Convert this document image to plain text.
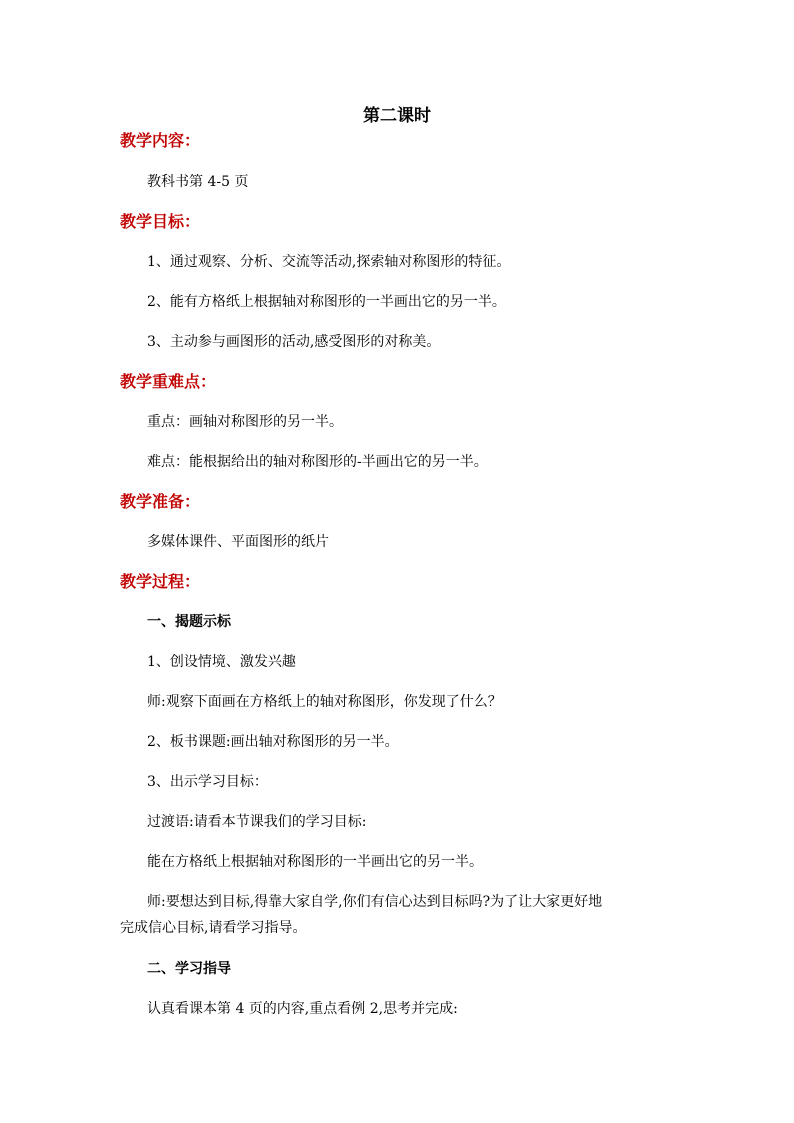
第二课时
教学内容：
教科书第 4-5 页
教学目标：
1、通过观察、分析、交流等活动,探索轴对称图形的特征。
2、能有方格纸上根据轴对称图形的一半画出它的另一半。
3、主动参与画图形的活动,感受图形的对称美。
教学重难点：
重点：画轴对称图形的另一半。
难点：能根据给出的轴对称图形的-半画出它的另一半。
教学准备：
多媒体课件、平面图形的纸片
教学过程：
一、揭题示标
1、创设情境、激发兴趣
师:观察下面画在方格纸上的轴对称图形，你发现了什么？
2、板书课题:画出轴对称图形的另一半。
3、出示学习目标：
过渡语:请看本节课我们的学习目标:
能在方格纸上根据轴对称图形的一半画出它的另一半。
师:要想达到目标,得靠大家自学,你们有信心达到目标吗?为了让大家更好地
完成信心目标,请看学习指导。
二、学习指导
认真看课本第 4 页的内容,重点看例 2,思考并完成:
